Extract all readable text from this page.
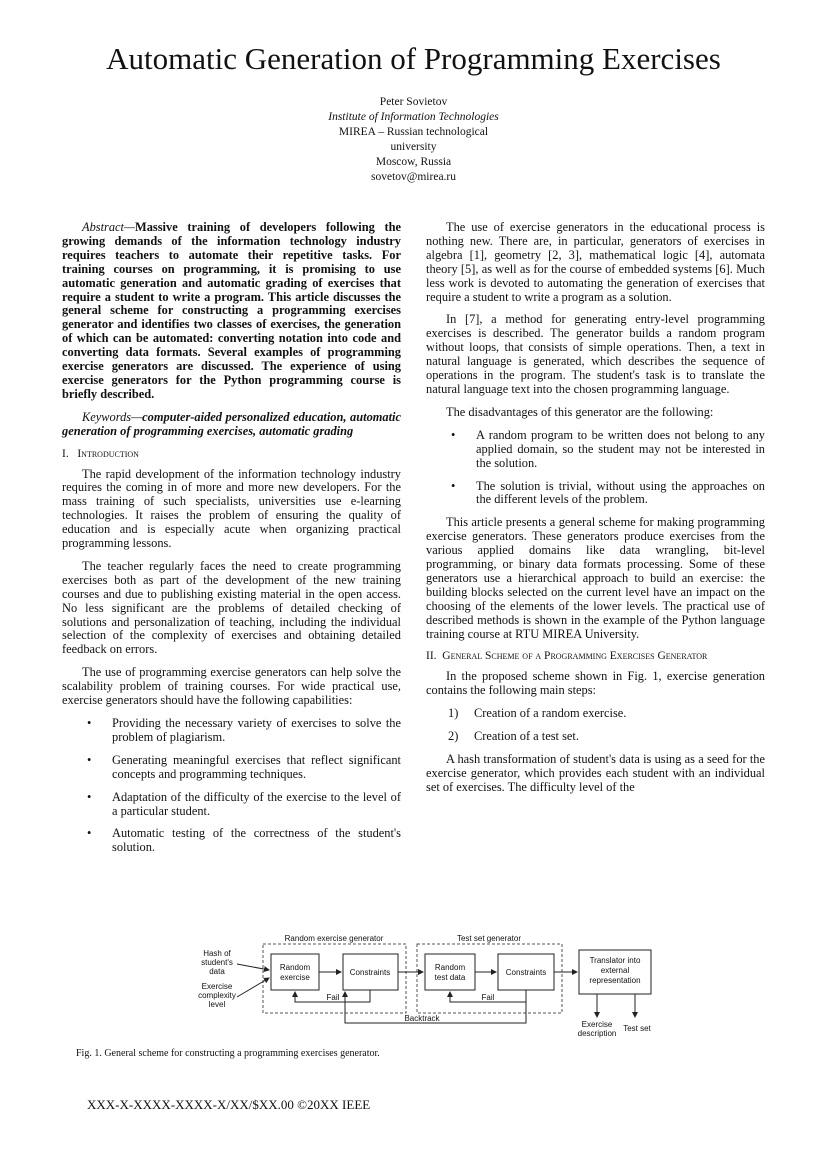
Automatic Generation of Programming Exercises
Peter Sovietov
Institute of Information Technologies
MIREA – Russian technological
university
Moscow, Russia
sovetov@mirea.ru

Abstract—Massive training of developers following the growing demands of the information technology industry requires teachers to automate their repetitive tasks. For training courses on programming, it is promising to use automatic generation and automatic grading of exercises that require a student to write a program. This article discusses the general scheme for constructing a programming exercises generator and identifies two classes of exercises, the generation of which can be automated: converting notation into code and converting data formats. Several examples of programming exercise generators are discussed. The experience of using exercise generators for the Python programming course is briefly described.

Keywords—computer-aided personalized education, automatic generation of programming exercises, automatic grading

I. Introduction

The rapid development of the information technology industry requires the coming in of more and more new developers. For the mass training of such specialists, universities use e-learning technologies. It raises the problem of ensuring the quality of education and is especially acute when organizing practical programming lessons.

The teacher regularly faces the need to create programming exercises both as part of the development of the new training courses and due to publishing existing material in the open access. No less significant are the problems of detailed checking of solutions and personalization of teaching, including the individual selection of the complexity of exercises and obtaining detailed feedback on errors.

The use of programming exercise generators can help solve the scalability problem of training courses. For wide practical use, exercise generators should have the following capabilities:

• Providing the necessary variety of exercises to solve the problem of plagiarism.
• Generating meaningful exercises that reflect significant concepts and programming techniques.
• Adaptation of the difficulty of the exercise to the level of a particular student.
• Automatic testing of the correctness of the student's solution.

The use of exercise generators in the educational process is nothing new. There are, in particular, generators of exercises in algebra [1], geometry [2, 3], mathematical logic [4], automata theory [5], as well as for the course of embedded systems [6]. Much less work is devoted to automating the generation of exercises that require a student to write a program as a solution.

In [7], a method for generating entry-level programming exercises is described. The generator builds a random program without loops, that consists of simple operations. Then, a text in natural language is generated, which describes the sequence of operations in the program. The student's task is to translate the natural language text into the chosen programming language.

The disadvantages of this generator are the following:

• A random program to be written does not belong to any applied domain, so the student may not be interested in the solution.
• The solution is trivial, without using the approaches on the different levels of the problem.

This article presents a general scheme for making programming exercise generators. These generators produce exercises from the various applied domains like data wrangling, bit-level programming, or binary data formats processing. Some of these generators use a hierarchical approach to build an exercise: the building blocks selected on the current level have an impact on the choosing of the elements of the lower levels. The practical use of described methods is shown in the example of the Python language training course at RTU MIREA University.

II. General Scheme of a Programming Exercises Generator

In the proposed scheme shown in Fig. 1, exercise generation contains the following main steps:

1) Creation of a random exercise.
2) Creation of a test set.

A hash transformation of student's data is using as a seed for the exercise generator, which provides each student with an individual set of exercises. The difficulty level of the

Random exercise generator	Test set generator
Hash of
student's
data
Exercise
complexity
level
Random
exercise
Constraints
Fail
Random
test data
Constraints
Fail
Translator into
external
representation
Backtrack
Exercise
description
Test set
Fig. 1. General scheme for constructing a programming exercises generator.
XXX-X-XXXX-XXXX-X/XX/$XX.00 ©20XX IEEE
